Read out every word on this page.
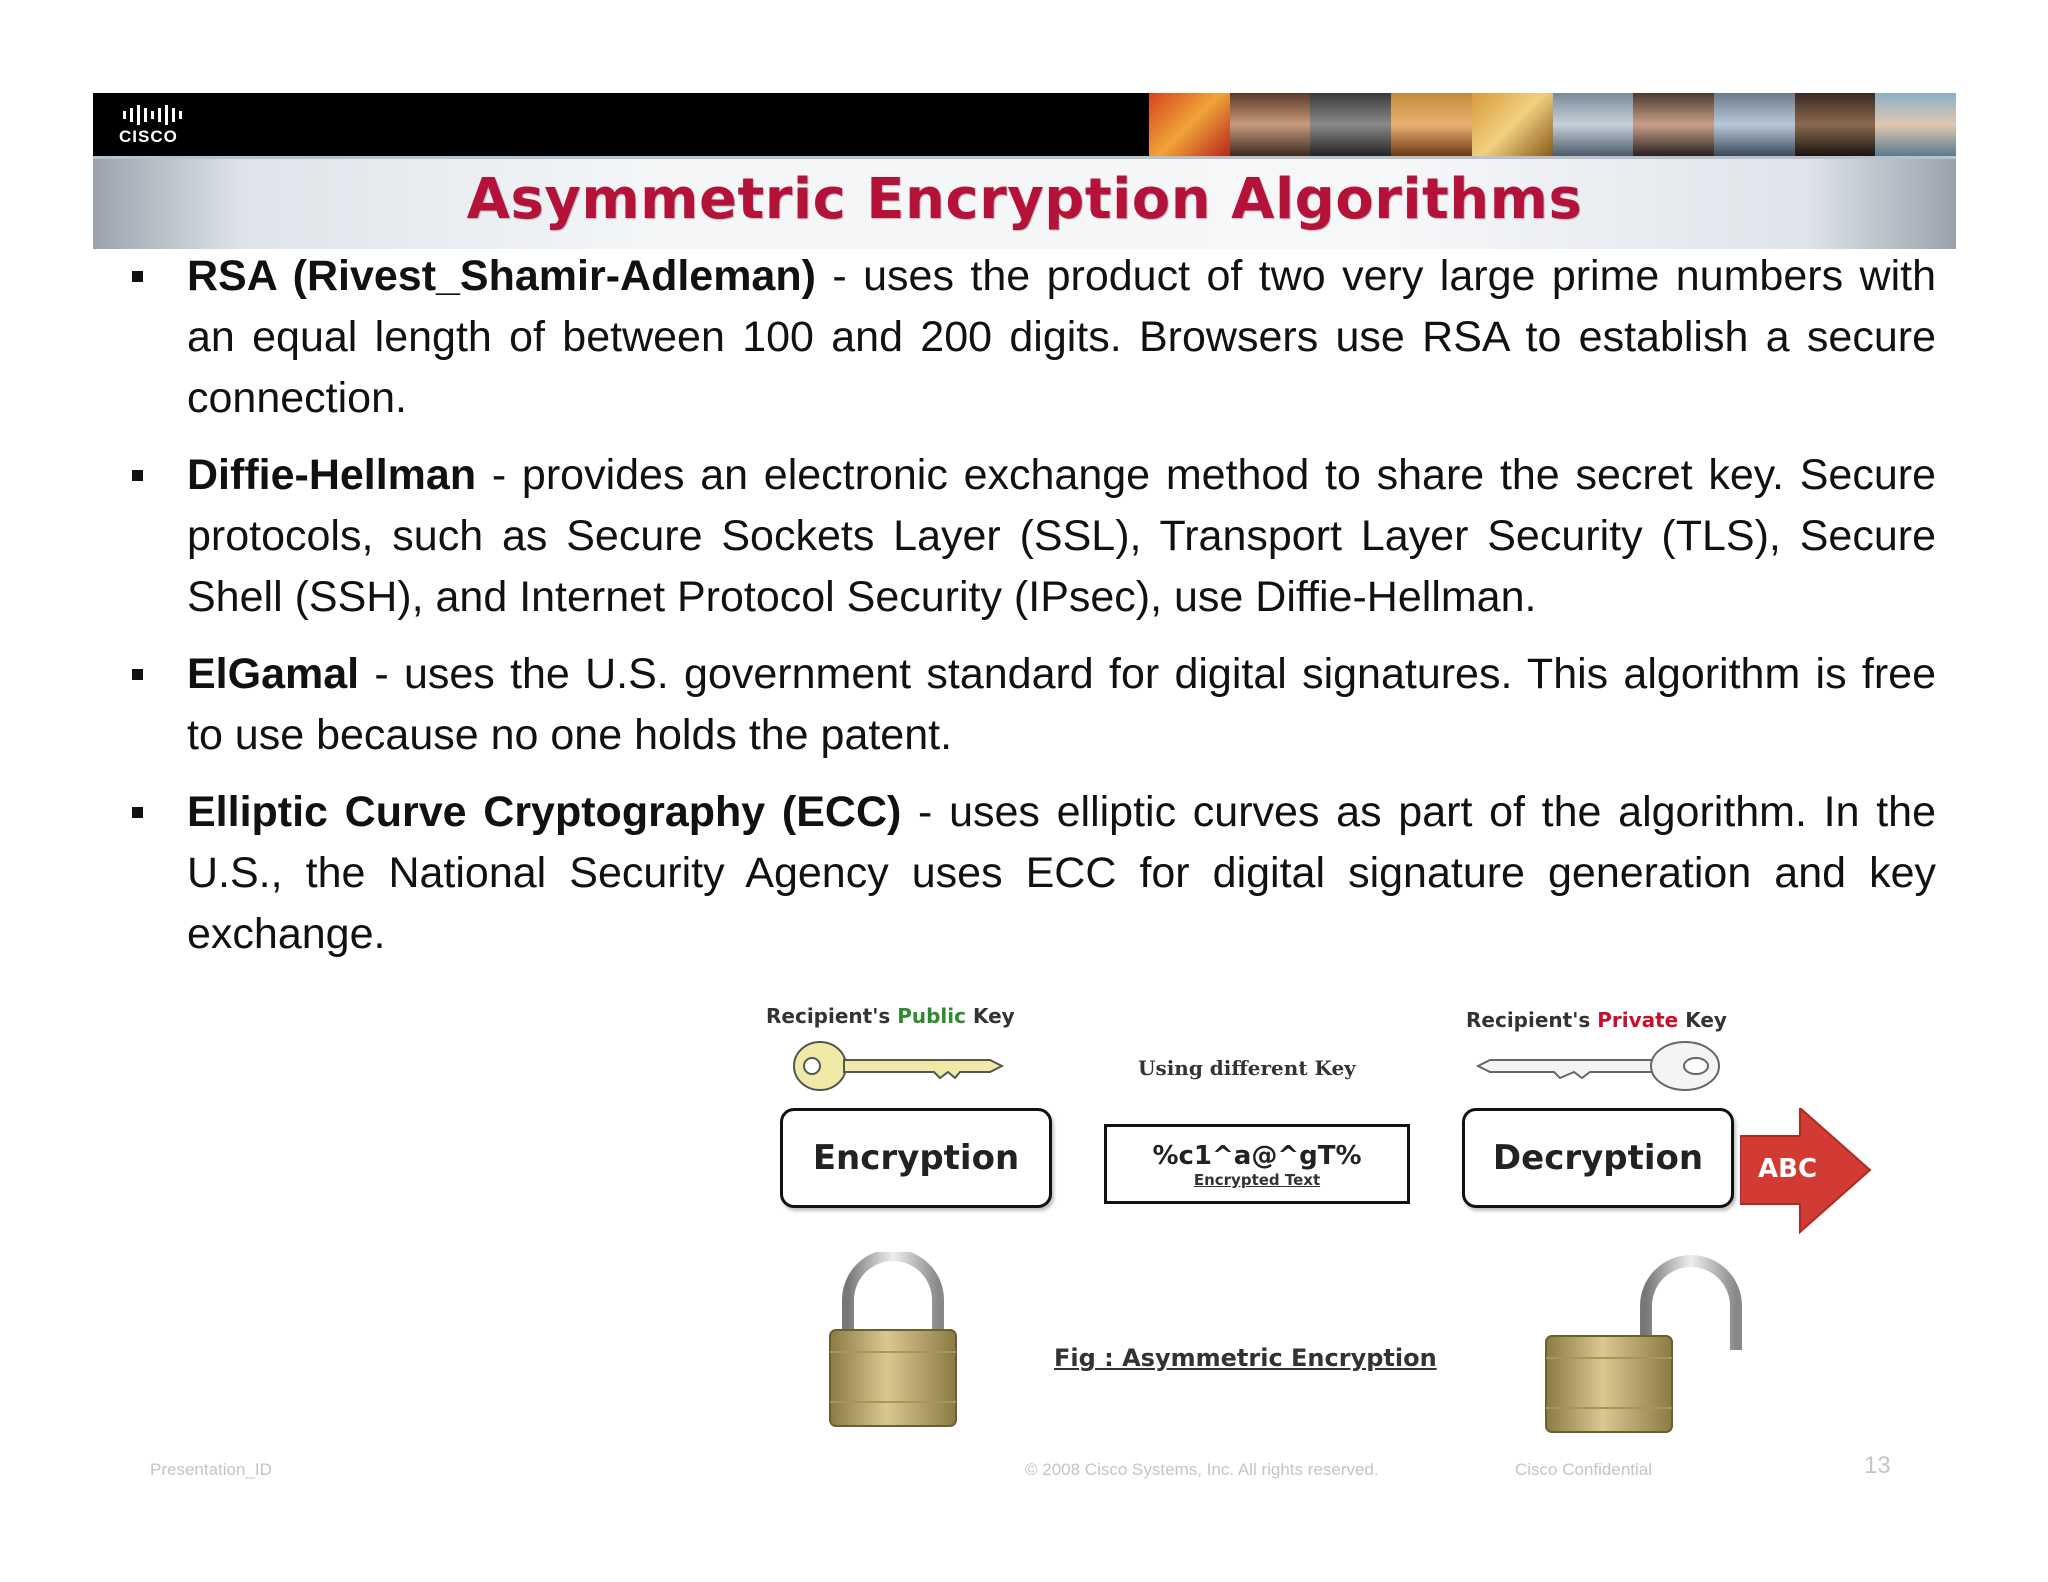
CISCO
Asymmetric Encryption Algorithms
RSA (Rivest_Shamir-Adleman) - uses the product of two very large prime numbers with an equal length of between 100 and 200 digits. Browsers use RSA to establish a secure connection.
Diffie-Hellman - provides an electronic exchange method to share the secret key. Secure protocols, such as Secure Sockets Layer (SSL), Transport Layer Security (TLS), Secure Shell (SSH), and Internet Protocol Security (IPsec), use Diffie-Hellman.
ElGamal - uses the U.S. government standard for digital signatures. This algorithm is free to use because no one holds the patent.
Elliptic Curve Cryptography (ECC) - uses elliptic curves as part of the algorithm. In the U.S., the National Security Agency uses ECC for digital signature generation and key exchange.
Recipient's Public Key	Recipient's Private Key
Using different Key
Encryption	%c1^a@^gT%
Encrypted Text
Decryption	ABC
Fig : Asymmetric Encryption
Presentation_ID	© 2008 Cisco Systems, Inc. All rights reserved.	Cisco Confidential	13
